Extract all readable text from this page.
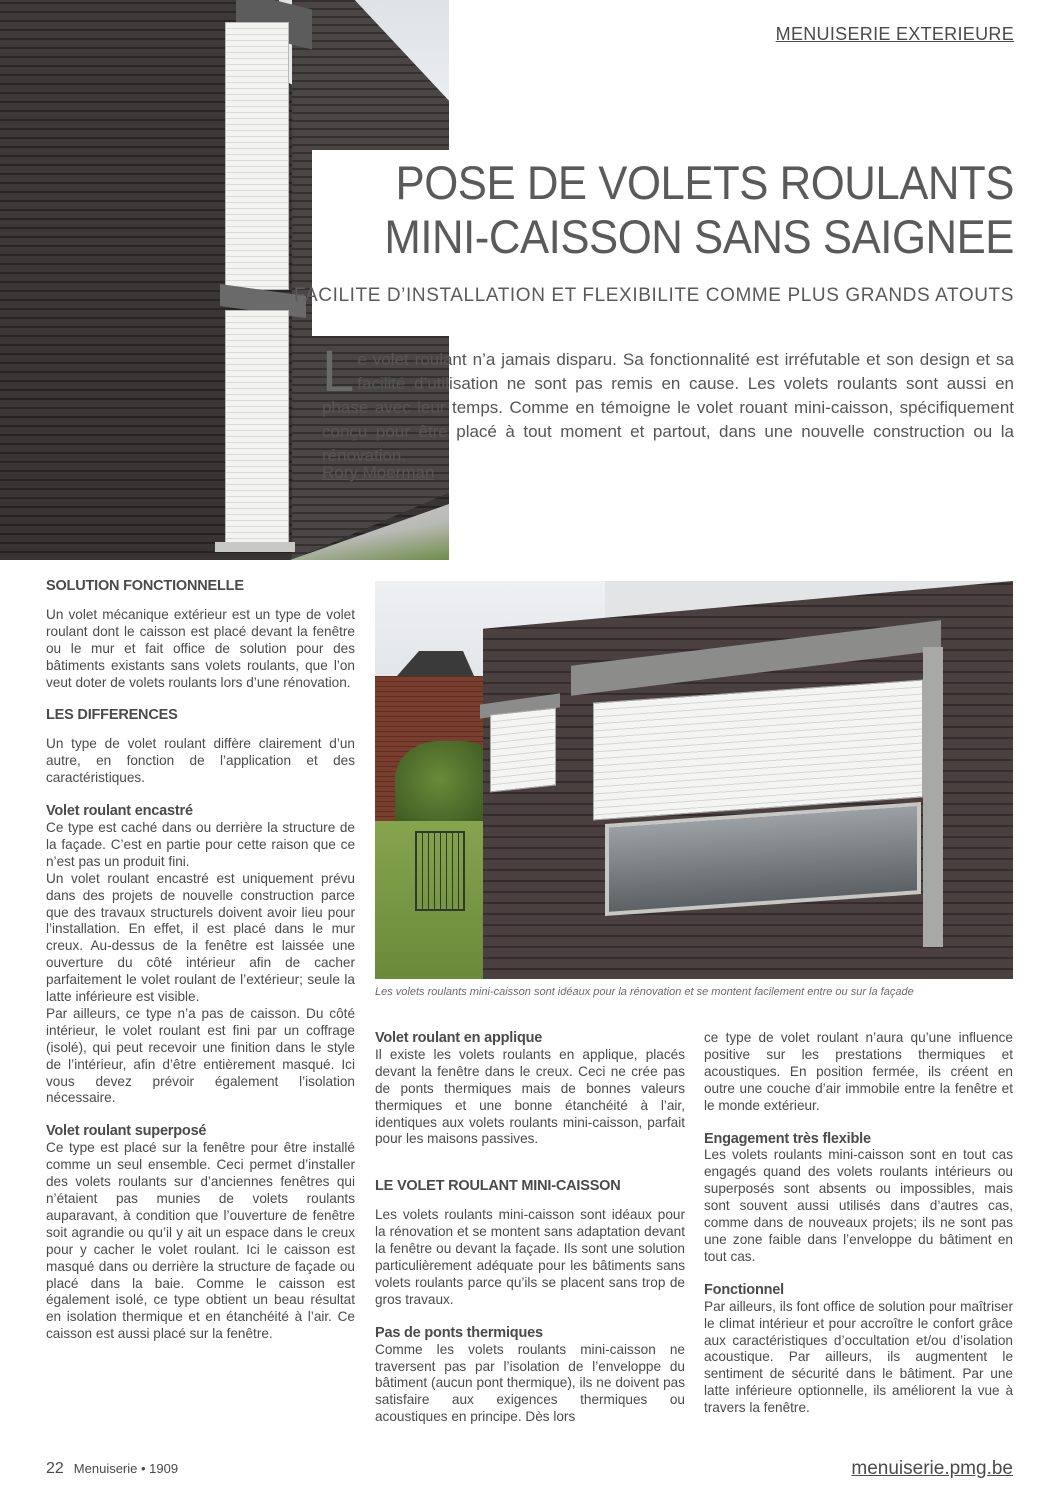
MENUISERIE EXTERIEURE
POSE DE VOLETS ROULANTS
MINI-CAISSON SANS SAIGNEE
FACILITE D’INSTALLATION ET FLEXIBILITE COMME PLUS GRANDS ATOUTS
Le volet roulant n’a jamais disparu. Sa fonctionnalité est irréfutable et son design et sa facilité d’utilisation ne sont pas remis en cause. Les volets roulants sont aussi en phase avec leur temps. Comme en témoigne le volet rouant mini-caisson, spécifiquement conçu pour être placé à tout moment et partout, dans une nouvelle construction ou la rénovation.
Rory Moerman
SOLUTION FONCTIONNELLE
Un volet mécanique extérieur est un type de volet roulant dont le caisson est placé devant la fenêtre ou le mur et fait office de solution pour des bâtiments existants sans volets roulants, que l’on veut doter de volets roulants lors d’une rénovation.
LES DIFFERENCES
Un type de volet roulant diffère clairement d’un autre, en fonction de l’application et des caractéristiques.
Volet roulant encastré
Ce type est caché dans ou derrière la structure de la façade. C’est en partie pour cette raison que ce n’est pas un produit fini.
Un volet roulant encastré est uniquement prévu dans des projets de nouvelle construction parce que des travaux structurels doivent avoir lieu pour l’installation. En effet, il est placé dans le mur creux. Au-dessus de la fenêtre est laissée une ouverture du côté intérieur afin de cacher parfaitement le volet roulant de l’extérieur; seule la latte inférieure est visible.
Par ailleurs, ce type n’a pas de caisson. Du côté intérieur, le volet roulant est fini par un coffrage (isolé), qui peut recevoir une finition dans le style de l’intérieur, afin d’être entièrement masqué. Ici vous devez prévoir également l’isolation nécessaire.
Volet roulant superposé
Ce type est placé sur la fenêtre pour être installé comme un seul ensemble. Ceci permet d’installer des volets roulants sur d’anciennes fenêtres qui n’étaient pas munies de volets roulants auparavant, à condition que l’ouverture de fenêtre soit agrandie ou qu’il y ait un espace dans le creux pour y cacher le volet roulant. Ici le caisson est masqué dans ou derrière la structure de façade ou placé dans la baie. Comme le caisson est également isolé, ce type obtient un beau résultat en isolation thermique et en étanchéité à l’air. Ce caisson est aussi placé sur la fenêtre.
Les volets roulants mini-caisson sont idéaux pour la rénovation et se montent facilement entre ou sur la façade
Volet roulant en applique
Il existe les volets roulants en applique, placés devant la fenêtre dans le creux. Ceci ne crée pas de ponts thermiques mais de bonnes valeurs thermiques et une bonne étanchéité à l’air, identiques aux volets roulants mini-caisson, parfait pour les maisons passives.
LE VOLET ROULANT MINI-CAISSON
Les volets roulants mini-caisson sont idéaux pour la rénovation et se montent sans adaptation devant la fenêtre ou devant la façade. Ils sont une solution particulièrement adéquate pour les bâtiments sans volets roulants parce qu’ils se placent sans trop de gros travaux.
Pas de ponts thermiques
Comme les volets roulants mini-caisson ne traversent pas par l’isolation de l’enveloppe du bâtiment (aucun pont thermique), ils ne doivent pas satisfaire aux exigences thermiques ou acoustiques en principe. Dès lors
ce type de volet roulant n’aura qu’une influence positive sur les prestations thermiques et acoustiques. En position fermée, ils créent en outre une couche d’air immobile entre la fenêtre et le monde extérieur.
Engagement très flexible
Les volets roulants mini-caisson sont en tout cas engagés quand des volets roulants intérieurs ou superposés sont absents ou impossibles, mais sont souvent aussi utilisés dans d’autres cas, comme dans de nouveaux projets; ils ne sont pas une zone faible dans l’enveloppe du bâtiment en tout cas.
Fonctionnel
Par ailleurs, ils font office de solution pour maîtriser le climat intérieur et pour accroître le confort grâce aux caractéristiques d’occultation et/ou d’isolation acoustique. Par ailleurs, ils augmentent le sentiment de sécurité dans le bâtiment. Par une latte inférieure optionnelle, ils améliorent la vue à travers la fenêtre.
22 Menuiserie • 1909	menuiserie.pmg.be
